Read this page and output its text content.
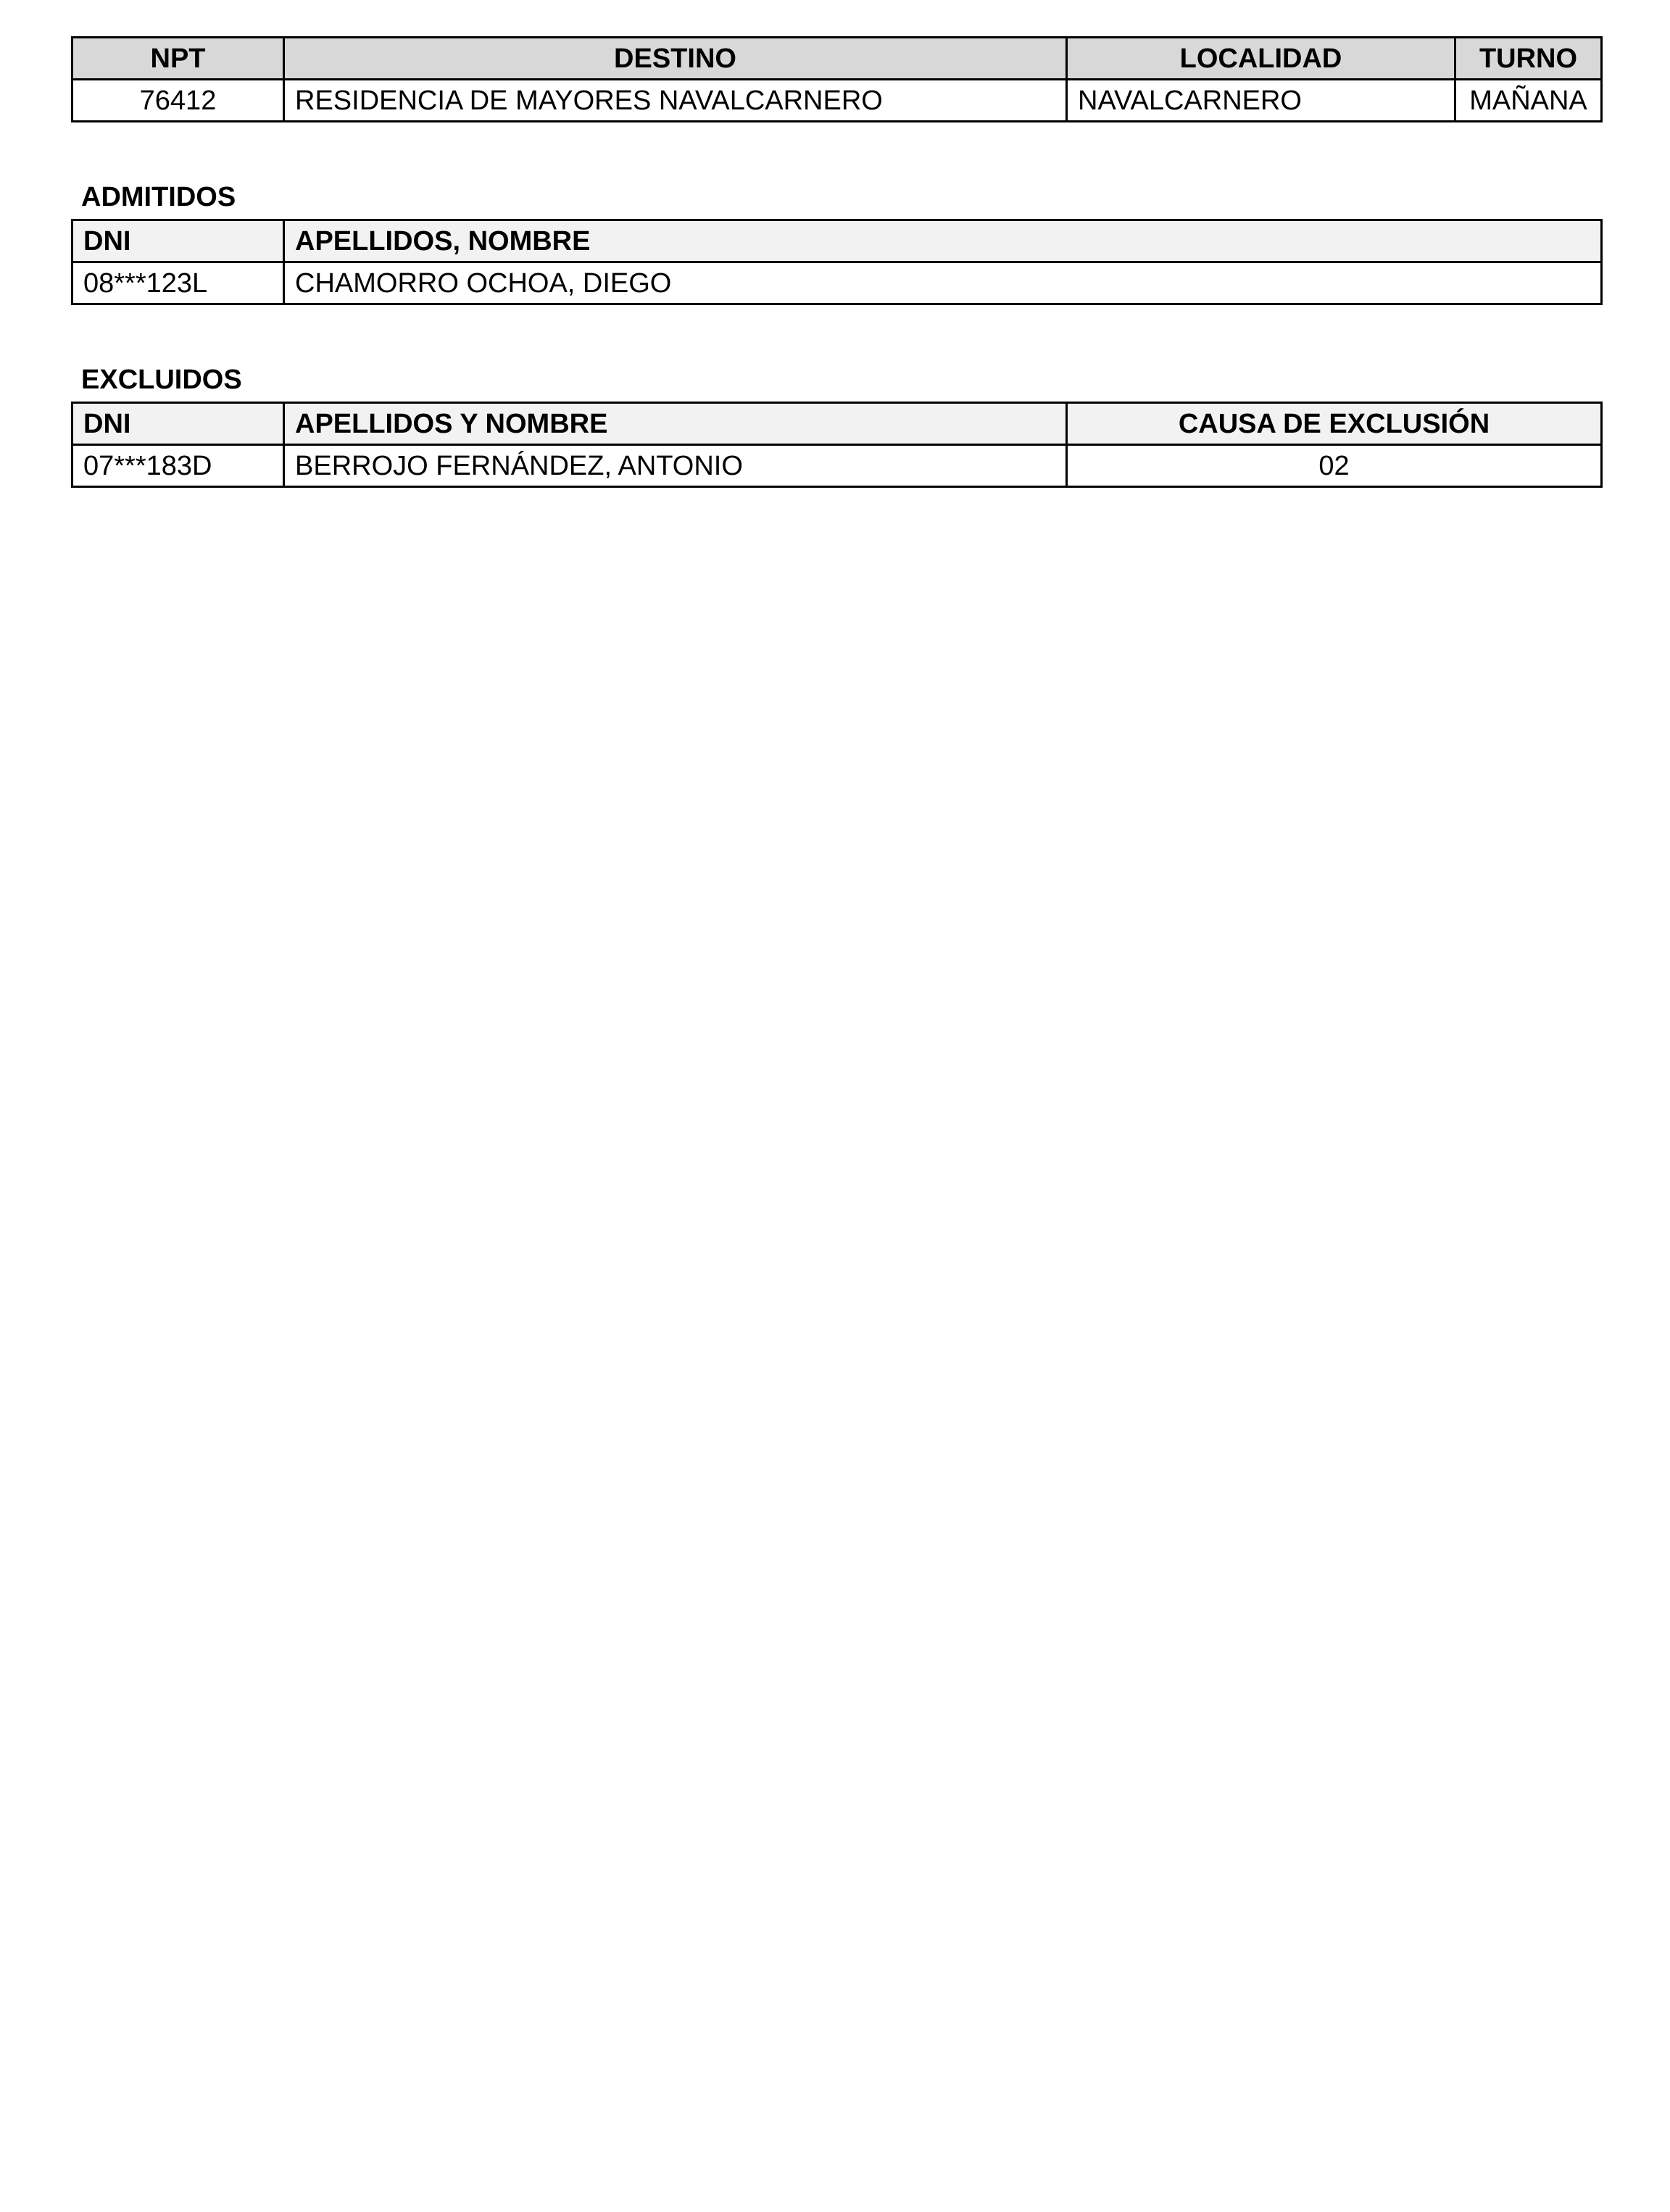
NPT	DESTINO	LOCALIDAD	TURNO
76412	RESIDENCIA DE MAYORES NAVALCARNERO	NAVALCARNERO	MAÑANA
ADMITIDOS
DNI	APELLIDOS, NOMBRE
08***123L	CHAMORRO OCHOA, DIEGO
EXCLUIDOS
DNI	APELLIDOS Y NOMBRE	CAUSA DE EXCLUSIÓN
07***183D	BERROJO FERNÁNDEZ, ANTONIO	02
